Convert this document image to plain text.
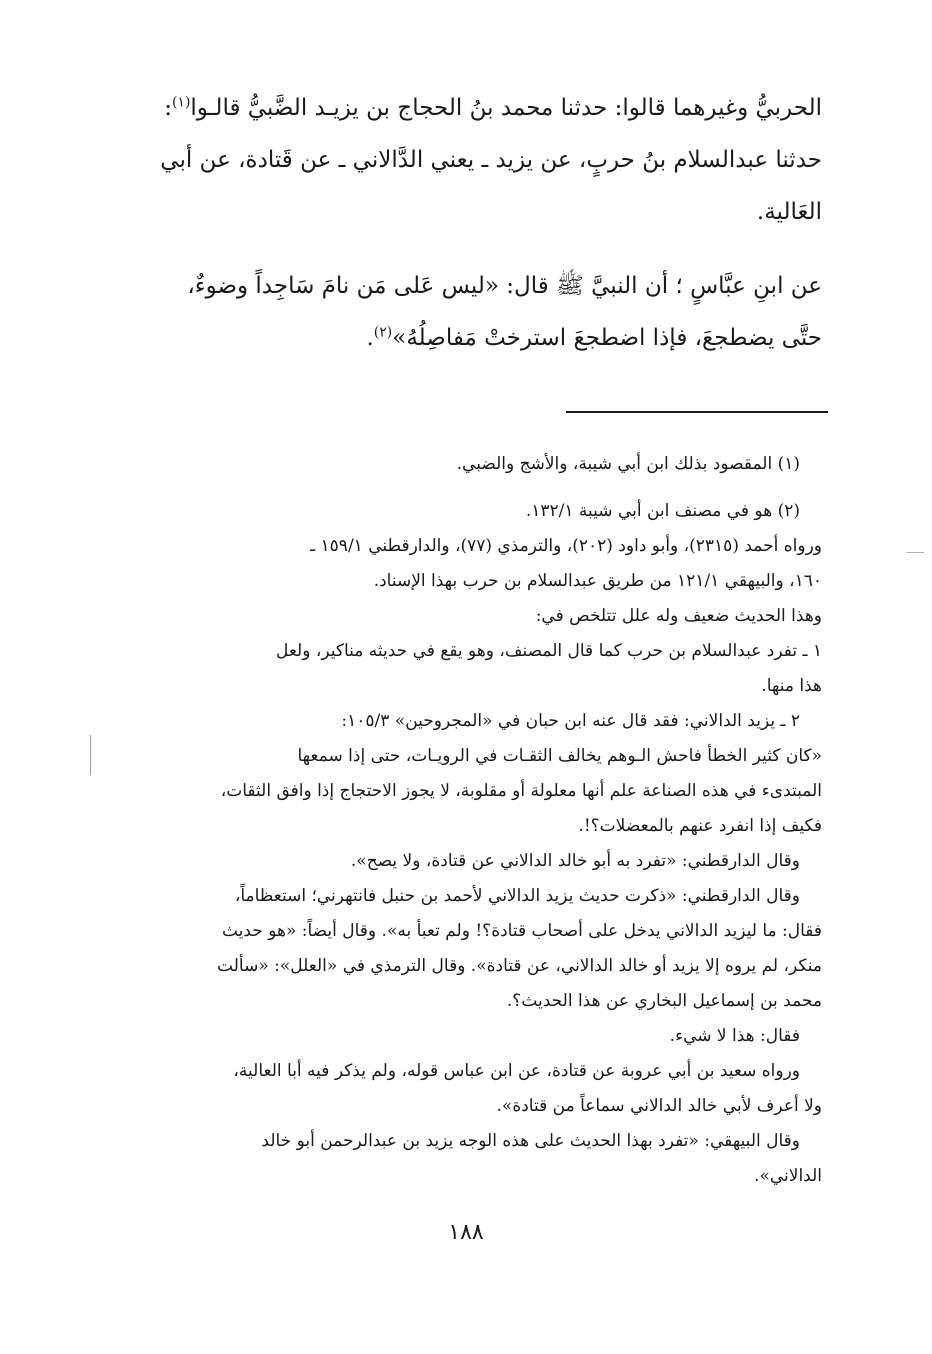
الحربيُّ وغيرهما قالوا: حدثنا محمد بنُ الحجاج بن يزيـد الضَّبيُّ قالـوا$^{(١)}$:
حدثنا عبدالسلام بنُ حربٍ، عن يزيد ـ يعني الدَّالاني ـ عن قَتادة، عن أبي
العَالية.
عن ابنِ عبَّاسٍ ؛ أن النبيَّ ﷺ قال: «ليس عَلى مَن نامَ سَاجِداً وضوءٌ،
حتَّى يضطجعَ، فإذا اضطجعَ استرختْ مَفاصِلُهُ»$^{(٢)}$.
(١) المقصود بذلك ابن أبي شيبة، والأشج والضبي.
(٢) هو في مصنف ابن أبي شيبة ١٣٢/١.
ورواه أحمد (٢٣١٥)، وأبو داود (٢٠٢)، والترمذي (٧٧)، والدارقطني ١٥٩/١ ـ
١٦٠، والبيهقي ١٢١/١ من طريق عبدالسلام بن حرب بهذا الإسناد.
وهذا الحديث ضعيف وله علل تتلخص في:
١ ـ تفرد عبدالسلام بن حرب كما قال المصنف، وهو يقع في حديثه مناكير، ولعل
هذا منها.
٢ ـ يزيد الدالاني: فقد قال عنه ابن حبان في «المجروحين» ١٠٥/٣:
«كان كثير الخطأ فاحش الـوهم يخالف الثقـات في الرويـات، حتى إذا سمعها
المبتدىء في هذه الصناعة علم أنها معلولة أو مقلوبة، لا يجوز الاحتجاج إذا وافق الثقات،
فكيف إذا انفرد عنهم بالمعضلات؟!.
وقال الدارقطني: «تفرد به أبو خالد الدالاني عن قتادة، ولا يصح».
وقال الدارقطني: «ذكرت حديث يزيد الدالاني لأحمد بن حنبل فانتهرني؛ استعظاماً،
فقال: ما ليزيد الدالاني يدخل على أصحاب قتادة؟! ولم تعبأ به». وقال أيضاً: «هو حديث
منكر، لم يروه إلا يزيد أو خالد الدالاني، عن قتادة». وقال الترمذي في «العلل»: «سألت
محمد بن إسماعيل البخاري عن هذا الحديث؟.
فقال: هذا لا شيء.
ورواه سعيد بن أبي عروبة عن قتادة، عن ابن عباس قوله، ولم يذكر فيه أبا العالية،
ولا أعرف لأبي خالد الدالاني سماعاً من قتادة».
وقال البيهقي: «تفرد بهذا الحديث على هذه الوجه يزيد بن عبدالرحمن أبو خالد
الدالاني».
١٨٨
